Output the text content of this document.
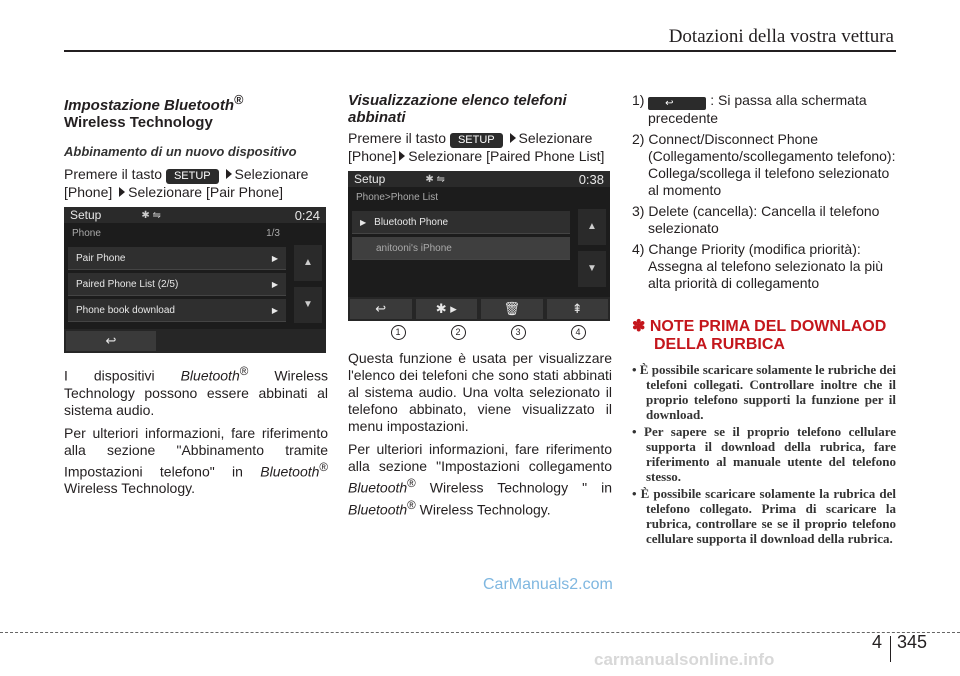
Dotazioni della vostra vettura
Impostazione Bluetooth®
Wireless Technology
Abbinamento di un nuovo dispositivo

Premere il tasto SETUP Selezionare
[Phone] Selezionare [Pair Phone]

Setup	✱ ⇋	0:24
Phone	1/3
Pair Phone	▶
Paired Phone List (2/5)	▶
Phone book download	▶
▲
▼
↩

I dispositivi Bluetooth® Wireless Technology possono essere abbinati al sistema audio.

Per ulteriori informazioni, fare riferimento alla sezione "Abbinamento tramite Impostazioni telefono" in Bluetooth® Wireless Technology.

Visualizzazione elenco telefoni abbinati

Premere il tasto SETUP Selezionare
[Phone] Selezionare [Paired Phone List]

Setup	✱ ⇋	0:38
Phone>Phone List
▶ Bluetooth Phone
anitooni's iPhone
▲
▼
↩	✱ ▸	🗑	⇞
1	2	3	4

Questa funzione è usata per visualizzare l'elenco dei telefoni che sono stati abbinati al sistema audio. Una volta selezionato il telefono abbinato, viene visualizzato il menu impostazioni.

Per ulteriori informazioni, fare riferimento alla sezione "Impostazioni collegamento Bluetooth® Wireless Technology " in Bluetooth® Wireless Technology.

1) ↩	: Si passa alla schermata precedente
2) Connect/Disconnect Phone (Collegamento/scollegamento telefono): Collega/scollega il telefono selezionato al momento
3) Delete (cancella): Cancella il telefono selezionato
4) Change Priority (modifica priorità): Assegna al telefono selezionato la più alta priorità di collegamento
✽ NOTE PRIMA DEL DOWNLAOD DELLA RURBICA
• È possibile scaricare solamente le rubriche dei telefoni collegati. Controllare inoltre che il proprio telefono supporti la funzione per il download.
• Per sapere se il proprio telefono cellulare supporta il download della rubrica, fare riferimento al manuale utente del telefono stesso.
• È possibile scaricare solamente la rubrica del telefono collegato. Prima di scaricare la rubrica, controllare se se il proprio telefono cellulare supporta il download della rubrica.
CarManuals2.com
4 345
carmanualsonline.info
